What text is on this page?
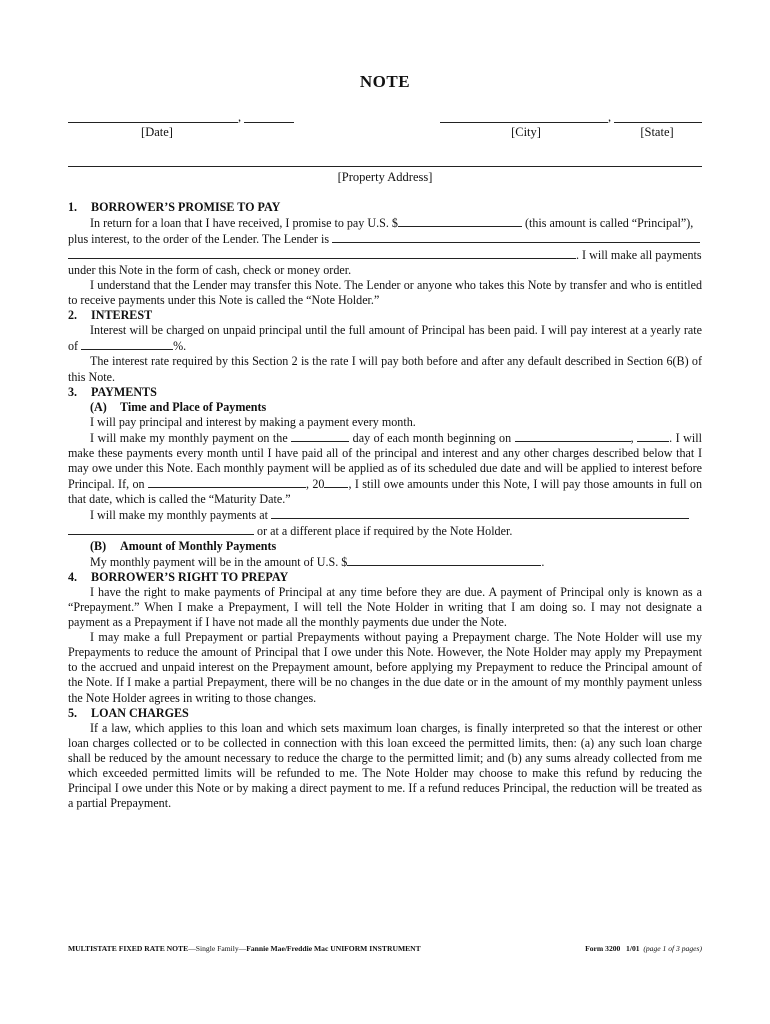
NOTE
,
[Date]
,
[City]	[State]
[Property Address]

1. BORROWER’S PROMISE TO PAY

In return for a loan that I have received, I promise to pay U.S. $	(this amount is called “Principal”),

plus interest, to the order of the Lender. The Lender is

. I will make all payments

under this Note in the form of cash, check or money order.

I understand that the Lender may transfer this Note. The Lender or anyone who takes this Note by transfer and who is entitled to receive payments under this Note is called the “Note Holder.”

2. INTEREST

Interest will be charged on unpaid principal until the full amount of Principal has been paid. I will pay interest at a yearly rate of	%.

The interest rate required by this Section 2 is the rate I will pay both before and after any default described in Section 6(B) of this Note.

3. PAYMENTS

(A) Time and Place of Payments

I will pay principal and interest by making a payment every month.

I will make my monthly payment on the	day of each month beginning on	,	. I will make these payments every month until I have paid all of the principal and interest and any other charges described below that I may owe under this Note. Each monthly payment will be applied as of its scheduled due date and will be applied to interest before Principal. If, on	, 20 , I still owe amounts under this Note, I will pay those amounts in full on that date, which is called the “Maturity Date.”

I will make my monthly payments at

or at a different place if required by the Note Holder.

(B) Amount of Monthly Payments

My monthly payment will be in the amount of U.S. $	.

4. BORROWER’S RIGHT TO PREPAY

I have the right to make payments of Principal at any time before they are due. A payment of Principal only is known as a “Prepayment.” When I make a Prepayment, I will tell the Note Holder in writing that I am doing so. I may not designate a payment as a Prepayment if I have not made all the monthly payments due under the Note.

I may make a full Prepayment or partial Prepayments without paying a Prepayment charge. The Note Holder will use my Prepayments to reduce the amount of Principal that I owe under this Note. However, the Note Holder may apply my Prepayment to the accrued and unpaid interest on the Prepayment amount, before applying my Prepayment to reduce the Principal amount of the Note. If I make a partial Prepayment, there will be no changes in the due date or in the amount of my monthly payment unless the Note Holder agrees in writing to those changes.

5. LOAN CHARGES

If a law, which applies to this loan and which sets maximum loan charges, is finally interpreted so that the interest or other loan charges collected or to be collected in connection with this loan exceed the permitted limits, then: (a) any such loan charge shall be reduced by the amount necessary to reduce the charge to the permitted limit; and (b) any sums already collected from me which exceeded permitted limits will be refunded to me. The Note Holder may choose to make this refund by reducing the Principal I owe under this Note or by making a direct payment to me. If a refund reduces Principal, the reduction will be treated as a partial Prepayment.

MULTISTATE FIXED RATE NOTE—Single Family—Fannie Mae/Freddie Mac UNIFORM INSTRUMENT	Form 3200 1/01 (page 1 of 3 pages)
